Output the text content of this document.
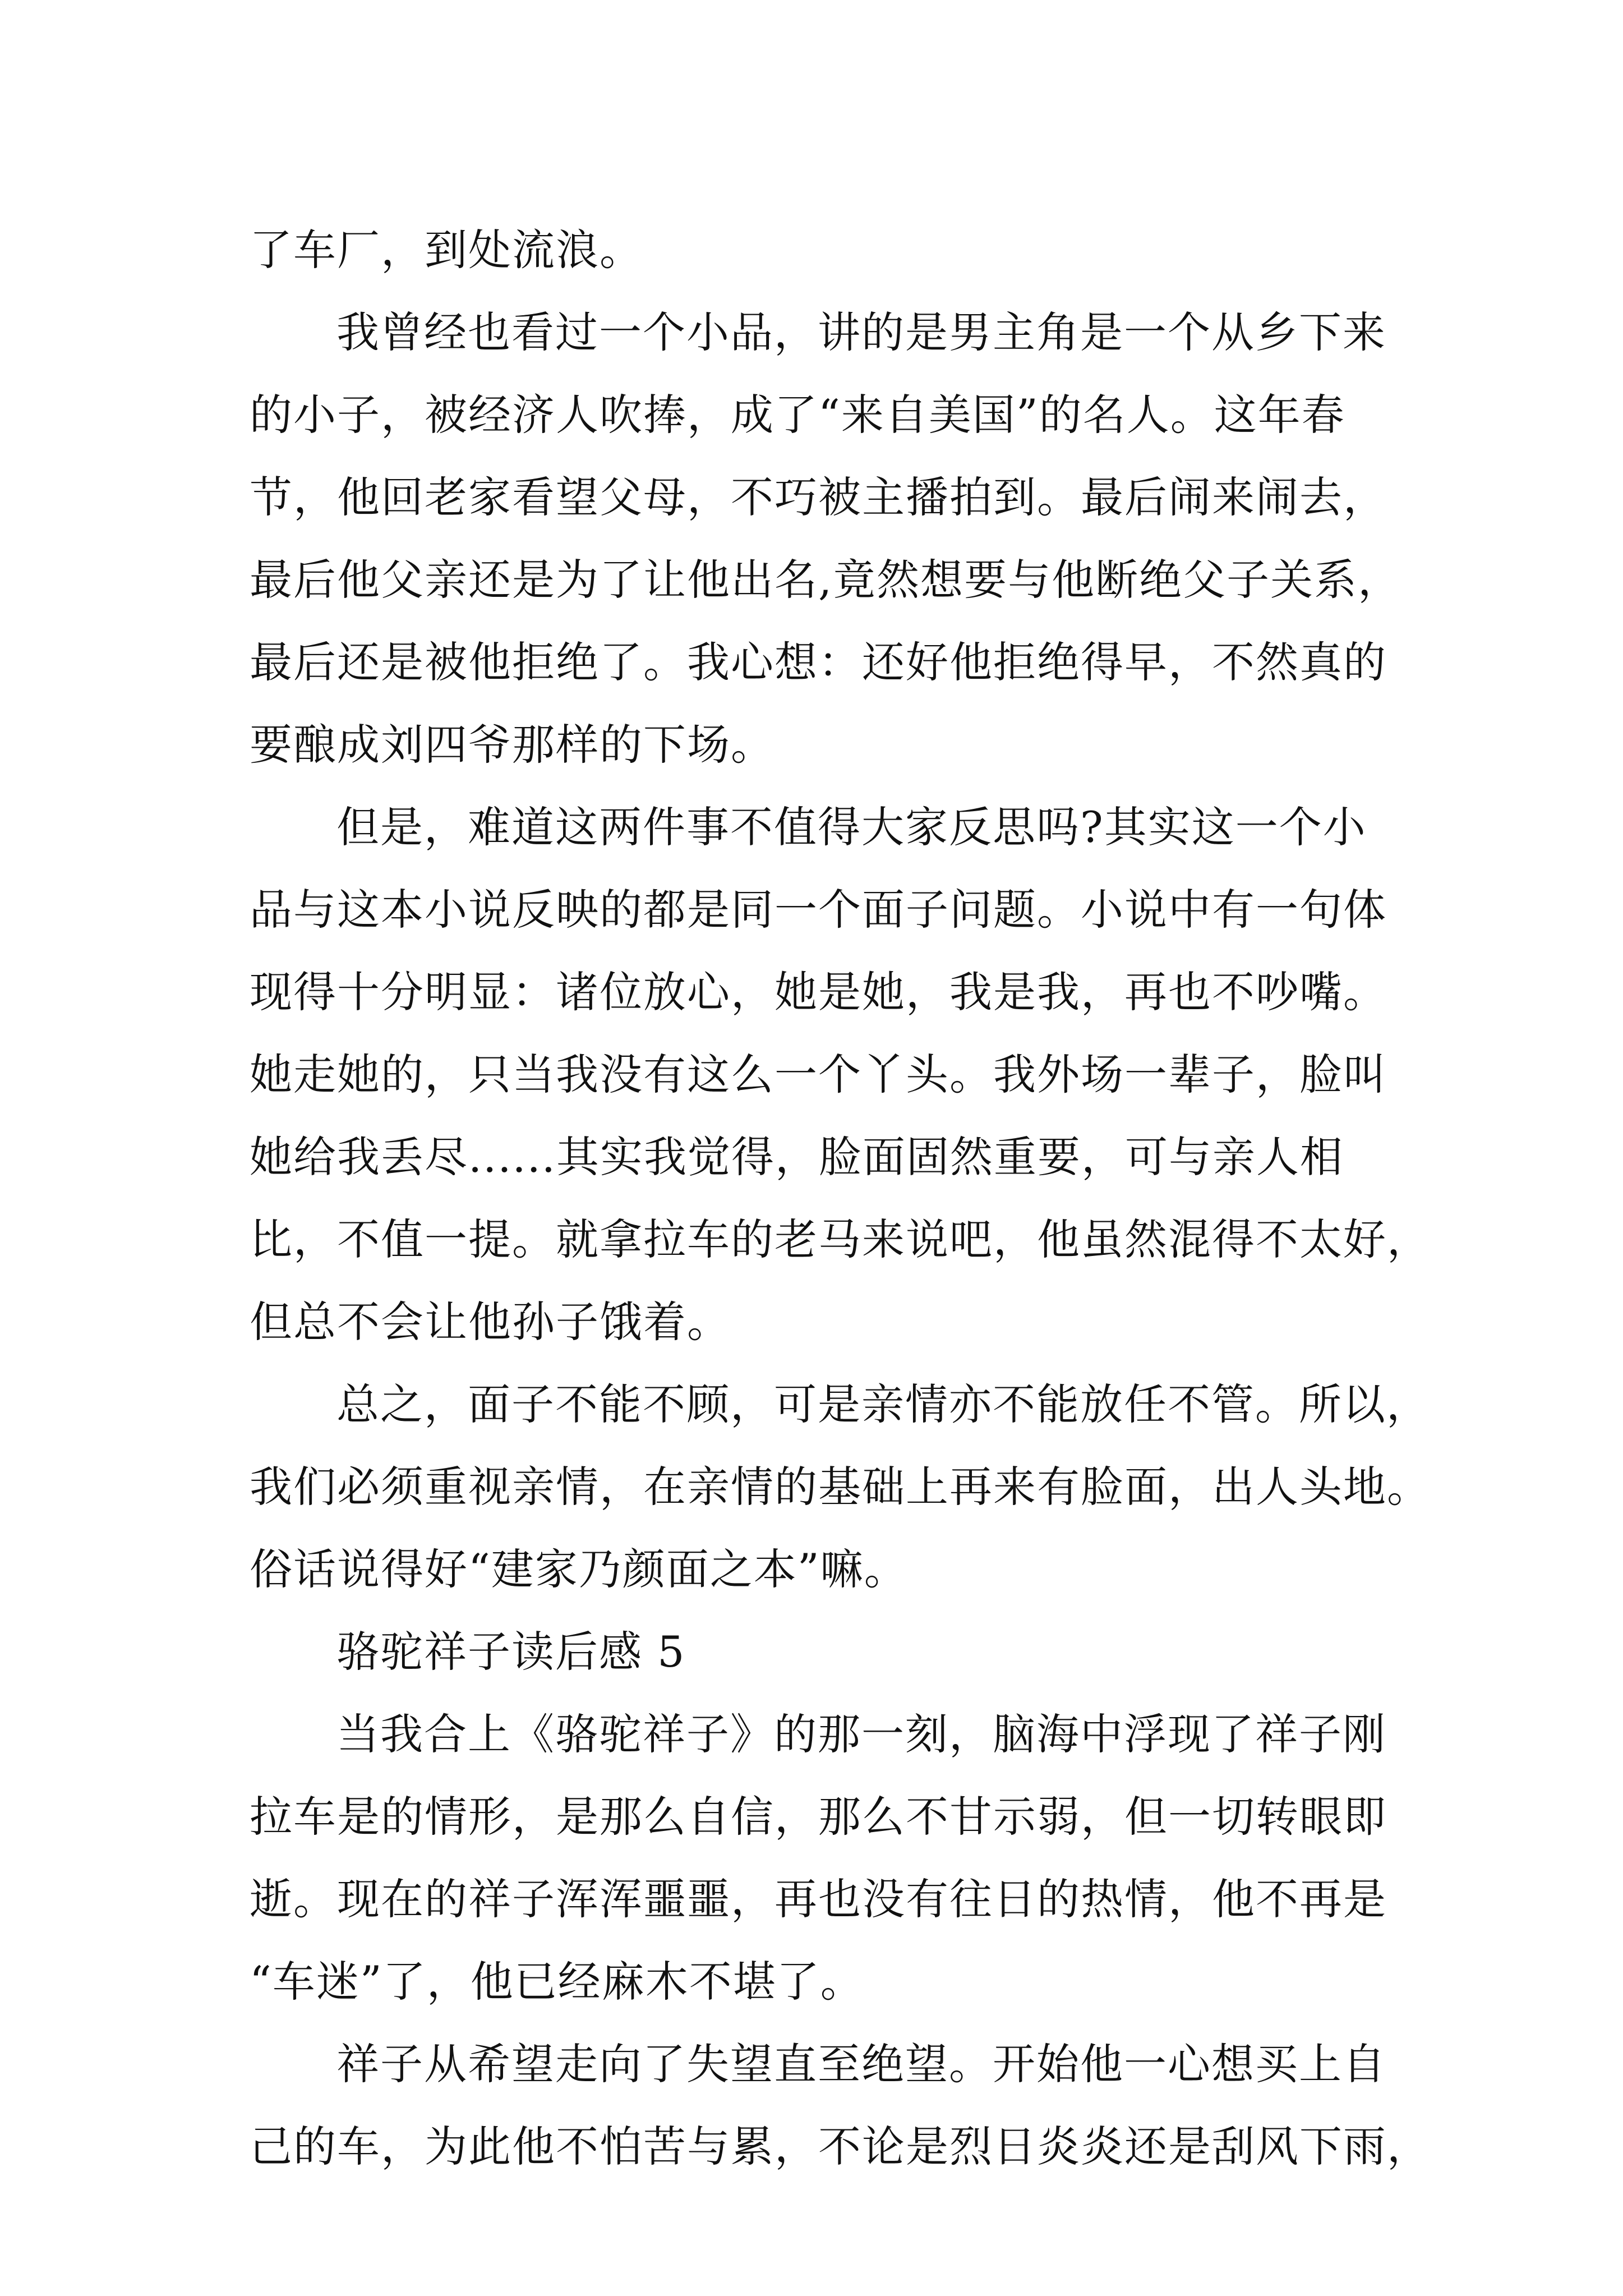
了车厂，到处流浪。
我曾经也看过一个小品，讲的是男主角是一个从乡下来
的小子，被经济人吹捧，成了“来自美国”的名人。这年春
节，他回老家看望父母，不巧被主播拍到。最后闹来闹去，
最后他父亲还是为了让他出名,竟然想要与他断绝父子关系，
最后还是被他拒绝了。我心想：还好他拒绝得早，不然真的
要酿成刘四爷那样的下场。
但是，难道这两件事不值得大家反思吗?其实这一个小
品与这本小说反映的都是同一个面子问题。小说中有一句体
现得十分明显：诸位放心，她是她，我是我，再也不吵嘴。
她走她的，只当我没有这么一个丫头。我外场一辈子，脸叫
她给我丢尽......其实我觉得，脸面固然重要，可与亲人相
比，不值一提。就拿拉车的老马来说吧，他虽然混得不太好，
但总不会让他孙子饿着。
总之，面子不能不顾，可是亲情亦不能放任不管。所以，
我们必须重视亲情，在亲情的基础上再来有脸面，出人头地。
俗话说得好“建家乃颜面之本”嘛。
骆驼祥子读后感 5
当我合上《骆驼祥子》的那一刻，脑海中浮现了祥子刚
拉车是的情形，是那么自信，那么不甘示弱，但一切转眼即
逝。现在的祥子浑浑噩噩，再也没有往日的热情，他不再是
“车迷”了，他已经麻木不堪了。
祥子从希望走向了失望直至绝望。开始他一心想买上自
己的车，为此他不怕苦与累，不论是烈日炎炎还是刮风下雨，
